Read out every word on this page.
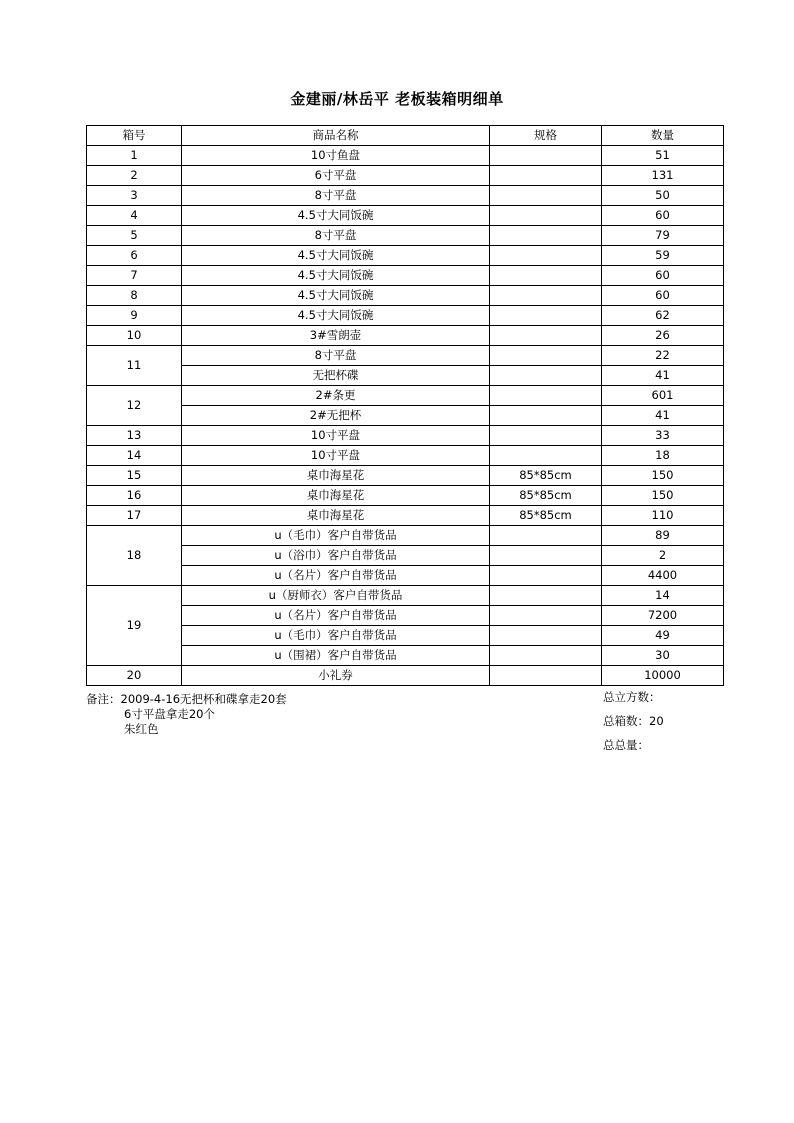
金建丽/林岳平 老板装箱明细单
箱号	商品名称	规格	数量
1	10寸鱼盘		51
2	6寸平盘		131
3	8寸平盘		50
4	4.5寸大同饭碗		60
5	8寸平盘		79
6	4.5寸大同饭碗		59
7	4.5寸大同饭碗		60
8	4.5寸大同饭碗		60
9	4.5寸大同饭碗		62
10	3#雪朗壶		26
11	8寸平盘		22
	无把杯碟		41
12	2#条更		601
	2#无把杯		41
13	10寸平盘		33
14	10寸平盘		18
15	桌巾海星花	85*85cm	150
16	桌巾海星花	85*85cm	150
17	桌巾海星花	85*85cm	110
18	u（毛巾）客户自带货品		89
	u（浴巾）客户自带货品		2
	u（名片）客户自带货品		4400
19	u（厨师衣）客户自带货品		14
	u（名片）客户自带货品		7200
	u（毛巾）客户自带货品		49
	u（围裙）客户自带货品		30
20	小礼券		10000
备注：2009-4-16无把杯和碟拿走20套
6寸平盘拿走20个
朱红色
总立方数：
总箱数：20
总总量：
